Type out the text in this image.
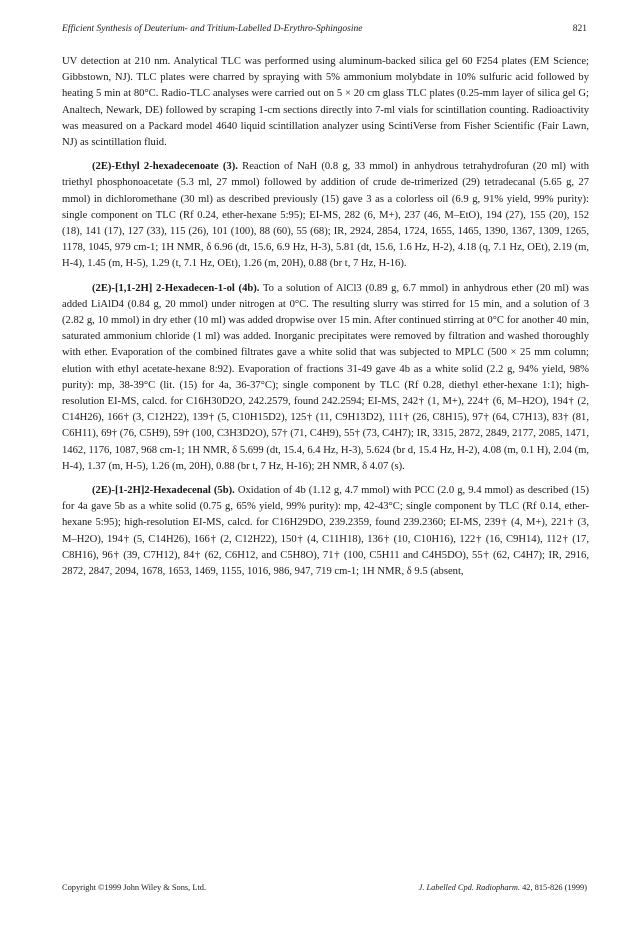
Efficient Synthesis of Deuterium- and Tritium-Labelled D-Erythro-Sphingosine	821

UV detection at 210 nm. Analytical TLC was performed using aluminum-backed silica gel 60 F254 plates (EM Science; Gibbstown, NJ). TLC plates were charred by spraying with 5% ammonium molybdate in 10% sulfuric acid followed by heating 5 min at 80°C. Radio-TLC analyses were carried out on 5 × 20 cm glass TLC plates (0.25-mm layer of silica gel G; Analtech, Newark, DE) followed by scraping 1-cm sections directly into 7-ml vials for scintillation counting. Radioactivity was measured on a Packard model 4640 liquid scintillation analyzer using ScintiVerse from Fisher Scientific (Fair Lawn, NJ) as scintillation fluid.

(2E)-Ethyl 2-hexadecenoate (3). Reaction of NaH (0.8 g, 33 mmol) in anhydrous tetrahydrofuran (20 ml) with triethyl phosphonoacetate (5.3 ml, 27 mmol) followed by addition of crude de-trimerized (29) tetradecanal (5.65 g, 27 mmol) in dichloromethane (30 ml) as described previously (15) gave 3 as a colorless oil (6.9 g, 91% yield, 99% purity): single component on TLC (Rf 0.24, ether-hexane 5:95); EI-MS, 282 (6, M+), 237 (46, M–EtO), 194 (27), 155 (20), 152 (18), 141 (17), 127 (33), 115 (26), 101 (100), 88 (60), 55 (68); IR, 2924, 2854, 1724, 1655, 1465, 1390, 1367, 1309, 1265, 1178, 1045, 979 cm-1; 1H NMR, δ 6.96 (dt, 15.6, 6.9 Hz, H-3), 5.81 (dt, 15.6, 1.6 Hz, H-2), 4.18 (q, 7.1 Hz, OEt), 2.19 (m, H-4), 1.45 (m, H-5), 1.29 (t, 7.1 Hz, OEt), 1.26 (m, 20H), 0.88 (br t, 7 Hz, H-16).

(2E)-[1,1-2H] 2-Hexadecen-1-ol (4b). To a solution of AlCl3 (0.89 g, 6.7 mmol) in anhydrous ether (20 ml) was added LiAlD4 (0.84 g, 20 mmol) under nitrogen at 0°C. The resulting slurry was stirred for 15 min, and a solution of 3 (2.82 g, 10 mmol) in dry ether (10 ml) was added dropwise over 15 min. After continued stirring at 0°C for another 40 min, saturated ammonium chloride (1 ml) was added. Inorganic precipitates were removed by filtration and washed thoroughly with ether. Evaporation of the combined filtrates gave a white solid that was subjected to MPLC (500 × 25 mm column; elution with ethyl acetate-hexane 8:92). Evaporation of fractions 31-49 gave 4b as a white solid (2.2 g, 94% yield, 98% purity): mp, 38-39°C (lit. (15) for 4a, 36-37°C); single component by TLC (Rf 0.28, diethyl ether-hexane 1:1); high-resolution EI-MS, calcd. for C16H30D2O, 242.2579, found 242.2594; EI-MS, 242† (1, M+), 224† (6, M–H2O), 194† (2, C14H26), 166† (3, C12H22), 139† (5, C10H15D2), 125† (11, C9H13D2), 111† (26, C8H15), 97† (64, C7H13), 83† (81, C6H11), 69† (76, C5H9), 59† (100, C3H3D2O), 57† (71, C4H9), 55† (73, C4H7); IR, 3315, 2872, 2849, 2177, 2085, 1471, 1462, 1176, 1087, 968 cm-1; 1H NMR, δ 5.699 (dt, 15.4, 6.4 Hz, H-3), 5.624 (br d, 15.4 Hz, H-2), 4.08 (m, 0.1 H), 2.04 (m, H-4), 1.37 (m, H-5), 1.26 (m, 20H), 0.88 (br t, 7 Hz, H-16); 2H NMR, δ 4.07 (s).

(2E)-[1-2H]2-Hexadecenal (5b). Oxidation of 4b (1.12 g, 4.7 mmol) with PCC (2.0 g, 9.4 mmol) as described (15) for 4a gave 5b as a white solid (0.75 g, 65% yield, 99% purity): mp, 42-43°C; single component by TLC (Rf 0.14, ether-hexane 5:95); high-resolution EI-MS, calcd. for C16H29DO, 239.2359, found 239.2360; EI-MS, 239† (4, M+), 221† (3, M–H2O), 194† (5, C14H26), 166† (2, C12H22), 150† (4, C11H18), 136† (10, C10H16), 122† (16, C9H14), 112† (17, C8H16), 96† (39, C7H12), 84† (62, C6H12, and C5H8O), 71† (100, C5H11 and C4H5DO), 55† (62, C4H7); IR, 2916, 2872, 2847, 2094, 1678, 1653, 1469, 1155, 1016, 986, 947, 719 cm-1; 1H NMR, δ 9.5 (absent,

Copyright ©1999 John Wiley & Sons, Ltd.	J. Labelled Cpd. Radiopharm. 42, 815-826 (1999)
